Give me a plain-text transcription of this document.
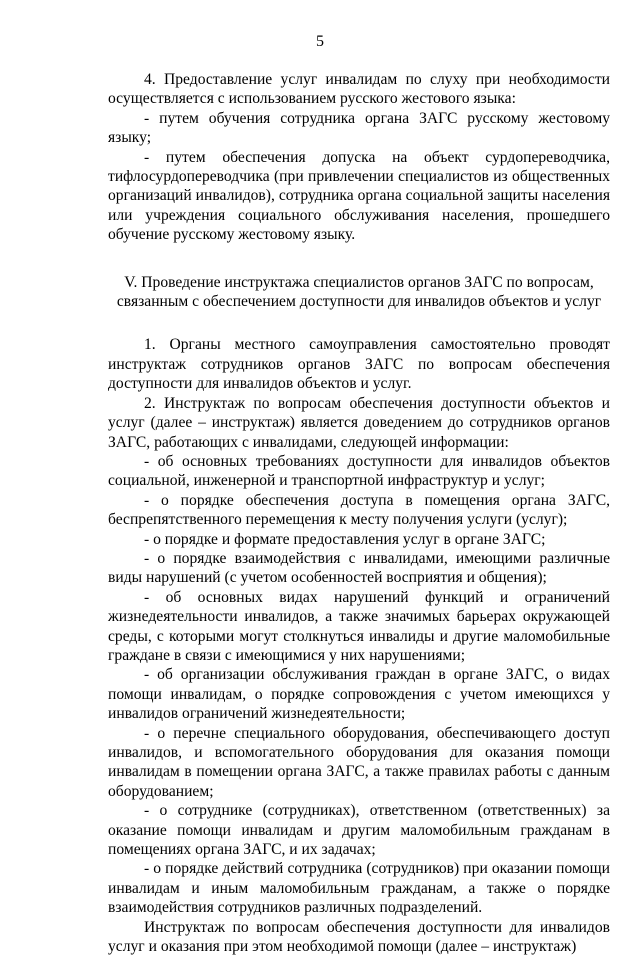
5

4. Предоставление услуг инвалидам по слуху при необходимости осуществляется с использованием русского жестового языка:

- путем обучения сотрудника органа ЗАГС русскому жестовому языку;

- путем обеспечения допуска на объект сурдопереводчика, тифлосурдопереводчика (при привлечении специалистов из общественных организаций инвалидов), сотрудника органа социальной защиты населения или учреждения социального обслуживания населения, прошедшего обучение русскому жестовому языку.

V. Проведение инструктажа специалистов органов ЗАГС по вопросам, связанным с обеспечением доступности для инвалидов объектов и услуг

1. Органы местного самоуправления самостоятельно проводят инструктаж сотрудников органов ЗАГС по вопросам обеспечения доступности для инвалидов объектов и услуг.

2. Инструктаж по вопросам обеспечения доступности объектов и услуг (далее – инструктаж) является доведением до сотрудников органов ЗАГС, работающих с инвалидами, следующей информации:

- об основных требованиях доступности для инвалидов объектов социальной, инженерной и транспортной инфраструктур и услуг;

- о порядке обеспечения доступа в помещения органа ЗАГС, беспрепятственного перемещения к месту получения услуги (услуг);

- о порядке и формате предоставления услуг в органе ЗАГС;

- о порядке взаимодействия с инвалидами, имеющими различные виды нарушений (с учетом особенностей восприятия и общения);

- об основных видах нарушений функций и ограничений жизнедеятельности инвалидов, а также значимых барьерах окружающей среды, с которыми могут столкнуться инвалиды и другие маломобильные граждане в связи с имеющимися у них нарушениями;

- об организации обслуживания граждан в органе ЗАГС, о видах помощи инвалидам, о порядке сопровождения с учетом имеющихся у инвалидов ограничений жизнедеятельности;

- о перечне специального оборудования, обеспечивающего доступ инвалидов, и вспомогательного оборудования для оказания помощи инвалидам в помещении органа ЗАГС, а также правилах работы с данным оборудованием;

- о сотруднике (сотрудниках), ответственном (ответственных) за оказание помощи инвалидам и другим маломобильным гражданам в помещениях органа ЗАГС, и их задачах;

- о порядке действий сотрудника (сотрудников) при оказании помощи инвалидам и иным маломобильным гражданам, а также о порядке взаимодействия сотрудников различных подразделений.

Инструктаж по вопросам обеспечения доступности для инвалидов услуг и оказания при этом необходимой помощи (далее – инструктаж)
